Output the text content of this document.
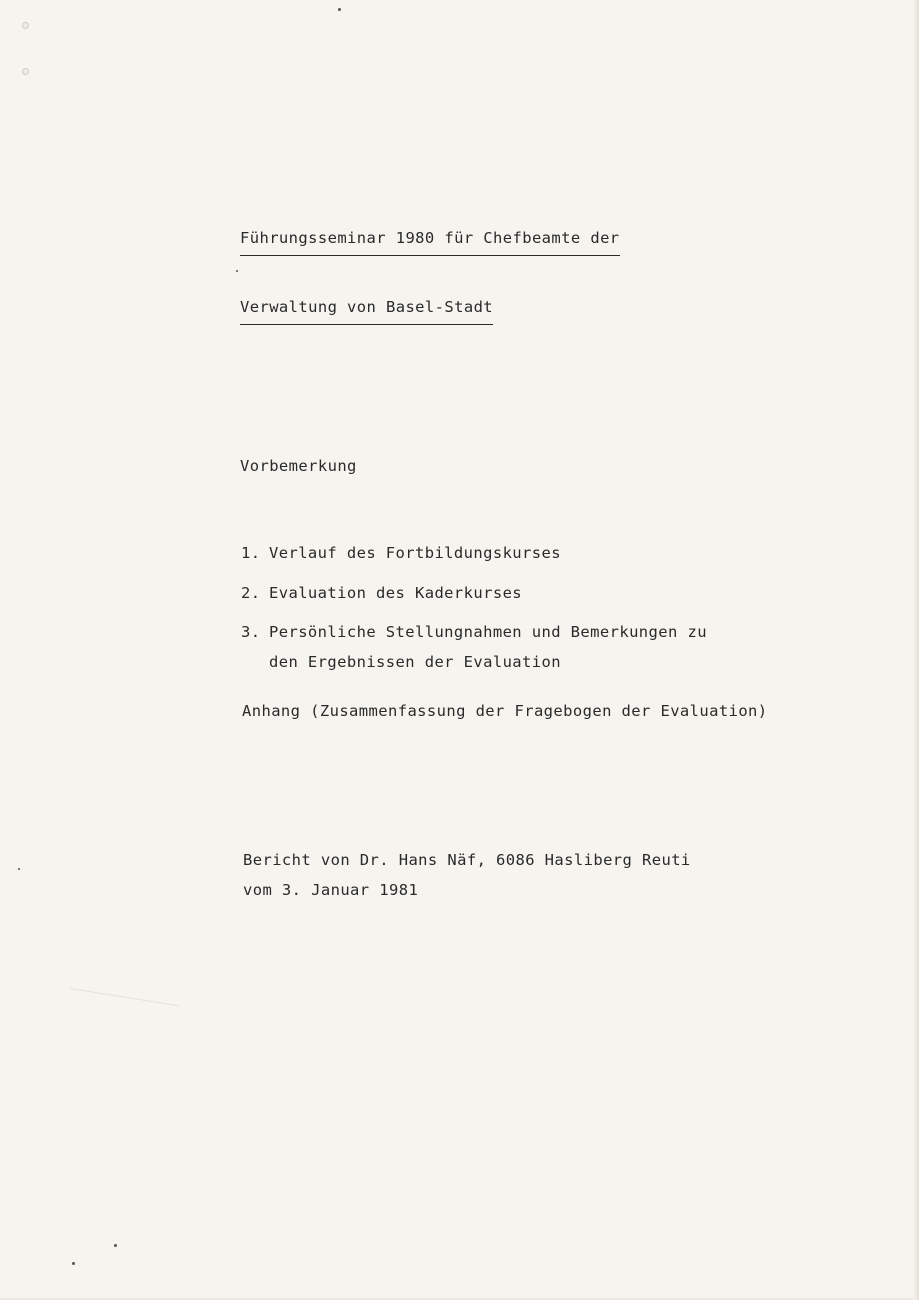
Führungsseminar 1980 für Chefbeamte der
Verwaltung von Basel-Stadt
Vorbemerkung
1. Verlauf des Fortbildungskurses
2. Evaluation des Kaderkurses
3. Persönliche Stellungnahmen und Bemerkungen zu
den Ergebnissen der Evaluation
Anhang (Zusammenfassung der Fragebogen der Evaluation)
Bericht von Dr. Hans Näf, 6086 Hasliberg Reuti
vom 3. Januar 1981
